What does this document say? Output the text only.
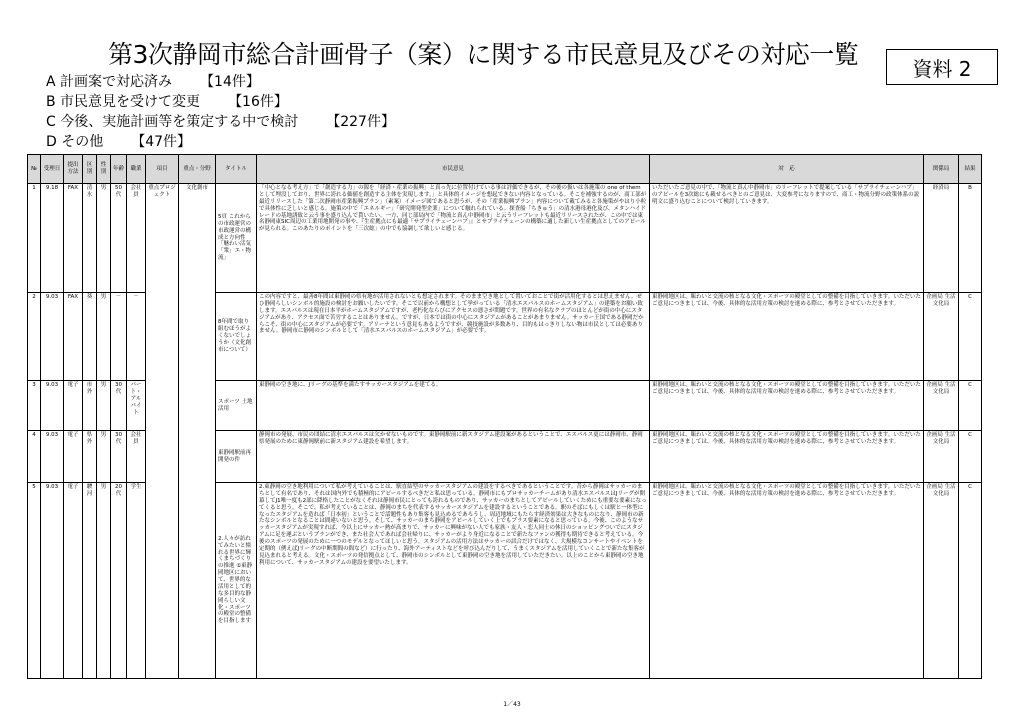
第3次静岡市総合計画骨子（案）に関する市民意見及びその対応一覧	資料 2
A 計画案で対応済み 【14件】
B 市民意見を受けて変更 【16件】
C 今後、実施計画等を策定する中で検討 【227件】
D その他 【47件】
№	受理日	提出方法	区別	性別	年齢	職業	項目	重点・分野	タイトル	市民意見	対　応	関係局	結果
1	9.18	FAX	清水	男	50代	会社員	重点プロジェクト	文化創市	5頁 これからの市政運営の 市政運営の構成と方向性 「魅わい活気「衆」エ・物流」	「中心となる考え方」で「創造する力」の源を「経済・産業の振興」と真っ先に位置付けている事は評価できるが、その後の扱いは各施策の one of them として埋没しており、世界に誇れる価値を創造する主体を実現します。」と具体的イメージを想起できない内容となっている。そこを補強するのが、商工部が最近リリースした「第二次静岡市産業振興プラン」（素案）イメージ図であると思うが、その「産業振興プラン」内容について載てみると各施策がやはり小粒で具体性に乏しいと感じる。施策の中で「エネルギー」「研究開発型企業」について触れられている。探査船「ちきゅう」の清水港母港化及び、メタンハイドレードの基地誘致と云う事を盛り込んで貰いたい。一方、同じ部局内で「物流と真ん中静岡市」と云うリーフレットも最近リリースされたが、この中では東名静岡東SIC周辺の工業用地開発の事や、『生産拠点にも最適「サプライチェーンハブ」』とサプライチェーンの構築に適した新しい生産拠点としてのアピールが見られる。このあたりのポイントを「三次総」の中でも協調して欲しいと感じる。	いただいたご意見の中で、「物流と真ん中静岡市」のリーフレットで提案している「サプライチェーンハブ」のアピールを3次総にも載せるべきとのご意見は、大変参考になりますので、商工・物流分野の政策体系の説明文に盛り込むことについて検討していきます。	経済局	B
2	9.03	FAX	葵	男	－	－			8年間で取り組むほうがよくないでしょうか（文化創市について）	この内容ですと、最善8年間は東静岡の県有地が活用されないとも想定されます。そのまま空き地として置いておことで街が活用化するとは思えません。ぜひ静岡らしいシンボル的施設の検討をお願いしたいです。そこで以前から構想として挙がっている「清水エスパルスのホームスタジアム」の建築をお願い致します。エスパルスは現在日本平がホームスタジアムですが、老朽化ならびにアクセスの悪さが問題です。世界の有名なクラブのほとんどが街の中心にスタジアムがあり、アクセス面で苦労することはありません。ですが、日本では街の中心にスタジアムがあることがあまりません。サッカー王国である静岡だからこそ、街の中心にスタジアムが必要です。アリーナという意見もあるようですが、競技施設が多数あり、目的もはっきりしない物は市民としては必要ありません。静岡市に静岡のシンボルとして「清水エスパルスのホームスタジアム」が必要です。	東静岡地区は、賑わいと交流の核となる文化・スポーツの殿堂としての整備を目指していきます。いただいたご意見につきましては、今後、具体的な活用方策の検討を進める際に、参考とさせていただきます。	企画局 生活文化局	C
3	9.03	電子	市外	男	30代	パート・アルバイト			スポーツ 土地活用	東静岡の空き地に、Jリーグの基準を満たすサッカースタジアムを建てる。	東静岡地区は、賑わいと交流の核となる文化・スポーツの殿堂としての整備を目指していきます。いただいたご意見につきましては、今後、具体的な活用方策の検討を進める際に、参考とさせていただきます。	企画局 生活文化局	C
4	9.03	電子	県外	男	30代	会社員			東静岡駅前再開発の件	静岡市の発展、市民の団結に清水エスパルスは欠かせないものです。東静岡駅前に新スタジアム建設案があるということで、エスパルス更には静岡市、静岡県発展のために東静岡駅前に新スタジアム建設を希望します。	東静岡地区は、賑わいと交流の核となる文化・スポーツの殿堂としての整備を目指していきます。いただいたご意見につきましては、今後、具体的な活用方策の検討を進める際に、参考とさせていただきます。	企画局 生活文化局	C
5	9.03	電子	駿河	男	20代	学生			2.人々が訪れてみたいと憧れる世界に輝くまちづくりの推進 ①東静岡地区において、世界的な活用として的な多目的な静岡らしい文化・スポーツの殿堂の整備を目指します	2.東静岡の空き地利用について私が考えていることは、駅直結型のサッカースタジアムの建設をするべきであるということです。昔から静岡はサッカーのまちとして有名であり、それは国内外でも積極的にアピールするべきだと私は思っている。静岡市にもプロサッカーチームがあり清水エスパルスはJリーグが開幕してJ1唯一度も2部に降格したことがなくそれは静岡市民にとっても誇れるものであり、サッカーのまちとしてアピールしていくためにも重要な要素になってくると思う。そこで、私が考えていることは、静岡のまちを代表するサッカースタジアムを建設するということである。駅のそばにもしくは駅と一体型になったスタジアムを造れば「日本初」ということで話題性もあり集客も見込めるであろうし、周辺地域にもたらす経済効果は大きなものになり、静岡市の新たなシンボルとなることは間違いないと思う。そして、サッカーのまち静岡をアピールしていく上でもプラス要素になると思っている。今後、このようなサッカースタジアムが実現すれば、今以上にサッカー熱が高まりで、サッカーに興味がない人でも家族・友人・恋人同士の休日のショッピングついでにスタジアムに足を運ぶというプランができ、また社会人であれば会社帰りに、サッカーがより身近になることで新たなファンの獲得も期待できると考えている。今後のスポーツの発展のために一つのモデルとなってほしいと思う。スタジアムの活用方法はサッカーの試合だけではなく、大規模なコンサートやイベントを定期的（例えばJリーグの中断期間の間など）に行ったり、海外アーティストなどを呼び込んだりして、うまくスタジアムを活用していくことで新たな集客が見込まれると考える。文化・スポーツの発信拠点として、静岡市のシンボルとして東静岡の空き地を活用していただきたい。以上のことから東静岡の空き地利用について、サッカースタジアムの建設を要望いたします。	東静岡地区は、賑わいと交流の核となる文化・スポーツの殿堂としての整備を目指していきます。いただいたご意見につきましては、今後、具体的な活用方策の検討を進める際に、参考とさせていただきます。	企画局 生活文化局	C
1／43
